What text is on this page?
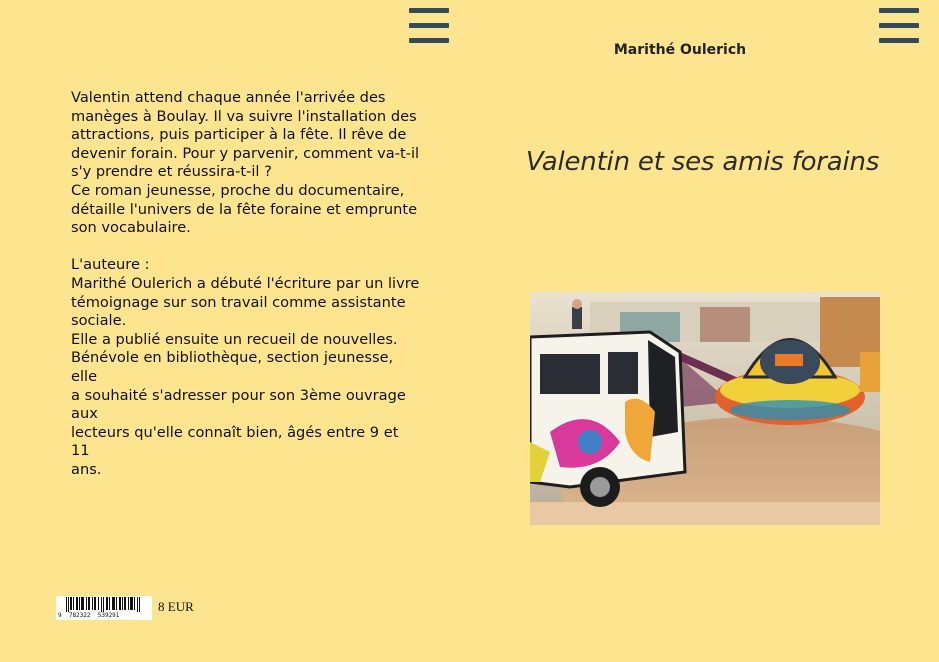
Valentin attend chaque année l'arrivée des
manèges à Boulay. Il va suivre l'installation des
attractions, puis participer à la fête. Il rêve de
devenir forain. Pour y parvenir, comment va-t-il
s'y prendre et réussira-t-il ?
Ce roman jeunesse, proche du documentaire,
détaille l'univers de la fête foraine et emprunte
son vocabulaire.

L'auteure :
Marithé Oulerich a débuté l'écriture par un livre
témoignage sur son travail comme assistante
sociale.
Elle a publié ensuite un recueil de nouvelles.
Bénévole en bibliothèque, section jeunesse, elle
a souhaité s'adresser pour son 3ème ouvrage aux
lecteurs qu'elle connaît bien, âgés entre 9 et 11
ans.
Marithé Oulerich
Valentin et ses amis forains
9  782322  539291
8 EUR
